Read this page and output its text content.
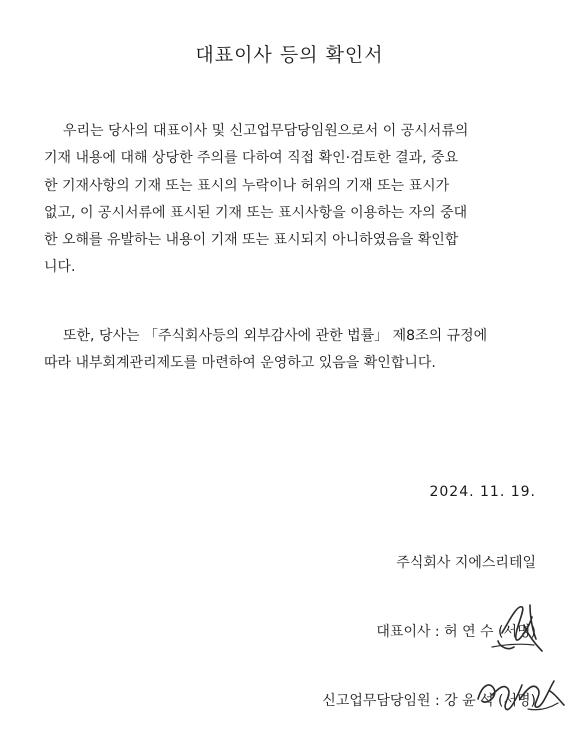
대표이사 등의 확인서
우리는 당사의 대표이사 및 신고업무담당임원으로서 이 공시서류의
기재 내용에 대해 상당한 주의를 다하여 직접 확인·검토한 결과, 중요
한 기재사항의 기재 또는 표시의 누락이나 허위의 기재 또는 표시가
없고, 이 공시서류에 표시된 기재 또는 표시사항을 이용하는 자의 중대
한 오해를 유발하는 내용이 기재 또는 표시되지 아니하였음을 확인합
니다.
또한, 당사는 「주식회사등의 외부감사에 관한 법률」 제8조의 규정에
따라 내부회계관리제도를 마련하여 운영하고 있음을 확인합니다.
2024. 11. 19.
주식회사 지에스리테일
대표이사 : 허 연 수 (서명)
신고업무담당임원 : 강 윤 석 (서명)
